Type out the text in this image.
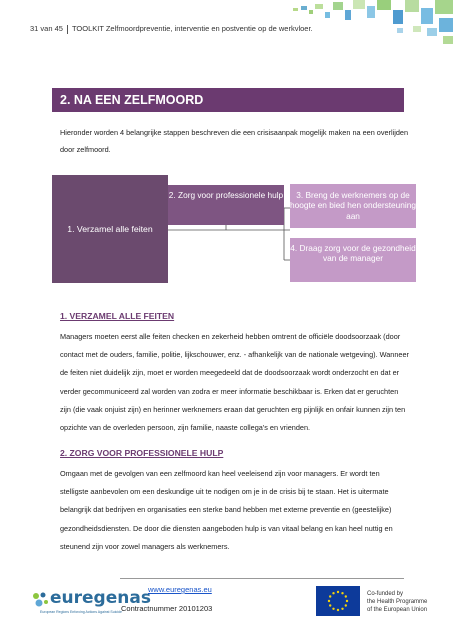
31 van 45 TOOLKIT Zelfmoordpreventie, interventie en postventie op de werkvloer.
2. NA EEN ZELFMOORD
Hieronder worden 4 belangrijke stappen beschreven die een crisisaanpak mogelijk maken na een overlijden door zelfmoord.
1. Verzamel alle feiten
2. Zorg voor professionele hulp	3. Breng de werknemers op de hoogte en bied hen ondersteuning aan
4. Draag zorg voor de gezondheid van de manager
1. VERZAMEL ALLE FEITEN
Managers moeten eerst alle feiten checken en zekerheid hebben omtrent de officiële doodsoorzaak (door contact met de ouders, familie, politie, lijkschouwer, enz. - afhankelijk van de nationale wetgeving). Wanneer de feiten niet duidelijk zijn, moet er worden meegedeeld dat de doodsoorzaak wordt onderzocht en dat er verder gecommuniceerd zal worden van zodra er meer informatie beschikbaar is. Erken dat er geruchten zijn (die vaak onjuist zijn) en herinner werknemers eraan dat geruchten erg pijnlijk en onfair kunnen zijn ten opzichte van de overleden persoon, zijn familie, naaste collega's en vrienden.
2. ZORG VOOR PROFESSIONELE HULP
Omgaan met de gevolgen van een zelfmoord kan heel veeleisend zijn voor managers. Er wordt ten stelligste aanbevolen om een deskundige uit te nodigen om je in de crisis bij te staan. Het is uitermate belangrijk dat bedrijven en organisaties een sterke band hebben met externe preventie en (geestelijke) gezondheidsdiensten. De door die diensten aangeboden hulp is van vitaal belang en kan heel nuttig en steunend zijn voor zowel managers als werknemers.
euregenas
European Regions Enforcing Actions Against Suicide
www.euregenas.eu
Contractnummer 20101203
Co-funded by
the Health Programme
of the European Union
